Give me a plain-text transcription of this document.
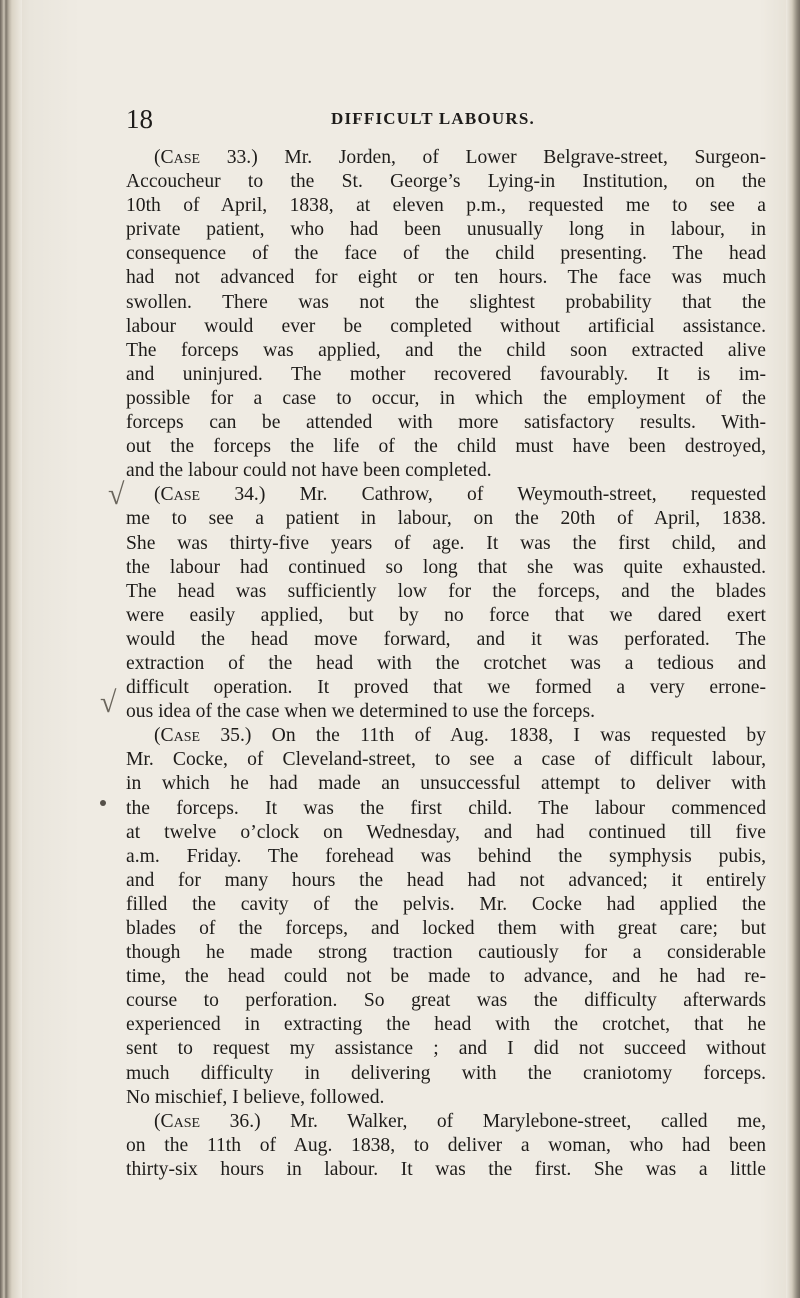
18	DIFFICULT LABOURS.
√
√
(Case 33.) Mr. Jorden, of Lower Belgrave-street, Surgeon-
Accoucheur to the St. George’s Lying-in Institution, on the
10th of April, 1838, at eleven p.m., requested me to see a
private patient, who had been unusually long in labour, in
consequence of the face of the child presenting. The head
had not advanced for eight or ten hours. The face was much
swollen. There was not the slightest probability that the
labour would ever be completed without artificial assistance.
The forceps was applied, and the child soon extracted alive
and uninjured. The mother recovered favourably. It is im-
possible for a case to occur, in which the employment of the
forceps can be attended with more satisfactory results. With-
out the forceps the life of the child must have been destroyed,
and the labour could not have been completed.
(Case 34.) Mr. Cathrow, of Weymouth-street, requested
me to see a patient in labour, on the 20th of April, 1838.
She was thirty-five years of age. It was the first child, and
the labour had continued so long that she was quite exhausted.
The head was sufficiently low for the forceps, and the blades
were easily applied, but by no force that we dared exert
would the head move forward, and it was perforated. The
extraction of the head with the crotchet was a tedious and
difficult operation. It proved that we formed a very errone-
ous idea of the case when we determined to use the forceps.
(Case 35.) On the 11th of Aug. 1838, I was requested by
Mr. Cocke, of Cleveland-street, to see a case of difficult labour,
in which he had made an unsuccessful attempt to deliver with
the forceps. It was the first child. The labour commenced
at twelve o’clock on Wednesday, and had continued till five
a.m. Friday. The forehead was behind the symphysis pubis,
and for many hours the head had not advanced; it entirely
filled the cavity of the pelvis. Mr. Cocke had applied the
blades of the forceps, and locked them with great care; but
though he made strong traction cautiously for a considerable
time, the head could not be made to advance, and he had re-
course to perforation. So great was the difficulty afterwards
experienced in extracting the head with the crotchet, that he
sent to request my assistance ; and I did not succeed without
much difficulty in delivering with the craniotomy forceps.
No mischief, I believe, followed.
(Case 36.) Mr. Walker, of Marylebone-street, called me,
on the 11th of Aug. 1838, to deliver a woman, who had been
thirty-six hours in labour. It was the first. She was a little
